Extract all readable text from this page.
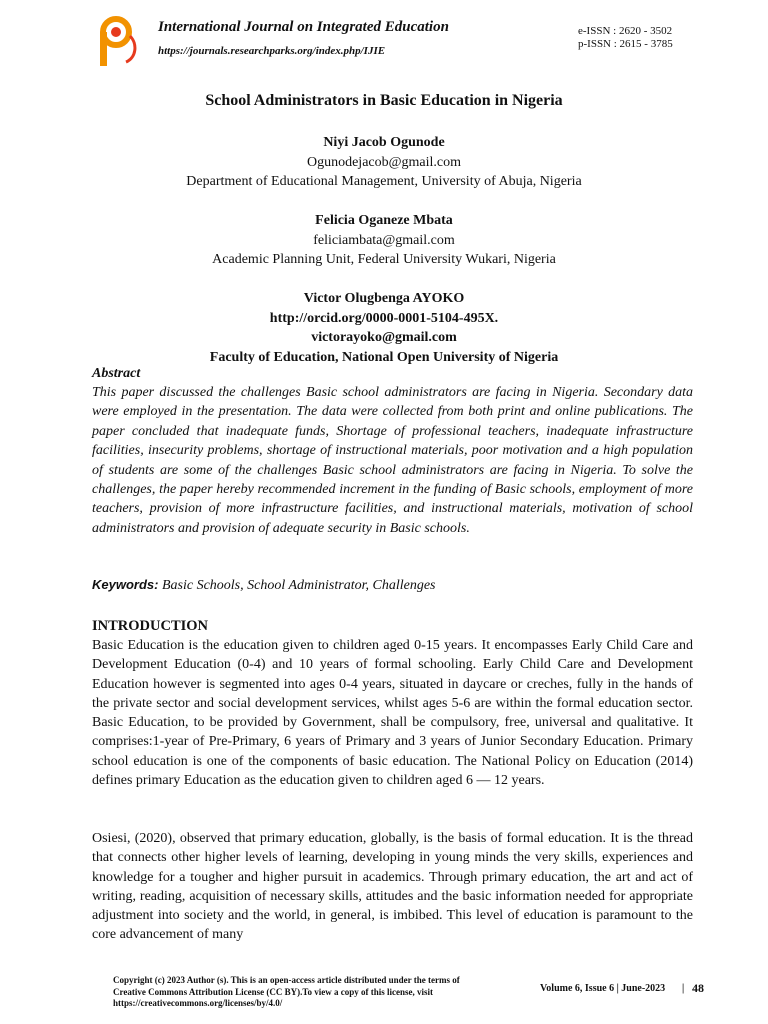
International Journal on Integrated Education
https://journals.researchparks.org/index.php/IJIE
e-ISSN : 2620 - 3502
p-ISSN : 2615 - 3785
School Administrators in Basic Education in Nigeria
Niyi Jacob Ogunode
Ogunodejacob@gmail.com
Department of Educational Management, University of Abuja, Nigeria
Felicia Oganeze Mbata
feliciambata@gmail.com
Academic Planning Unit, Federal University Wukari, Nigeria
Victor Olugbenga AYOKO
http://orcid.org/0000-0001-5104-495X.
victorayoko@gmail.com
Faculty of Education, National Open University of Nigeria
Abstract

This paper discussed the challenges Basic school administrators are facing in Nigeria. Secondary data were employed in the presentation. The data were collected from both print and online publications. The paper concluded that inadequate funds, Shortage of professional teachers, inadequate infrastructure facilities, insecurity problems, shortage of instructional materials, poor motivation and a high population of students are some of the challenges Basic school administrators are facing in Nigeria. To solve the challenges, the paper hereby recommended increment in the funding of Basic schools, employment of more teachers, provision of more infrastructure facilities, and instructional materials, motivation of school administrators and provision of adequate security in Basic schools.

Keywords: Basic Schools, School Administrator, Challenges
INTRODUCTION

Basic Education is the education given to children aged 0-15 years. It encompasses Early Child Care and Development Education (0-4) and 10 years of formal schooling. Early Child Care and Development Education however is segmented into ages 0-4 years, situated in daycare or creches, fully in the hands of the private sector and social development services, whilst ages 5-6 are within the formal education sector. Basic Education, to be provided by Government, shall be compulsory, free, universal and qualitative. It comprises:1-year of Pre-Primary, 6 years of Primary and 3 years of Junior Secondary Education. Primary school education is one of the components of basic education. The National Policy on Education (2014) defines primary Education as the education given to children aged 6 — 12 years.

Osiesi, (2020), observed that primary education, globally, is the basis of formal education. It is the thread that connects other higher levels of learning, developing in young minds the very skills, experiences and knowledge for a tougher and higher pursuit in academics. Through primary education, the art and act of writing, reading, acquisition of necessary skills, attitudes and the basic information needed for appropriate adjustment into society and the world, in general, is imbibed. This level of education is paramount to the core advancement of many

Copyright (c) 2023 Author (s). This is an open-access article distributed under the terms of Creative Commons Attribution License (CC BY).To view a copy of this license, visit https://creativecommons.org/licenses/by/4.0/
Volume 6, Issue 6 | June-2023 | 48
